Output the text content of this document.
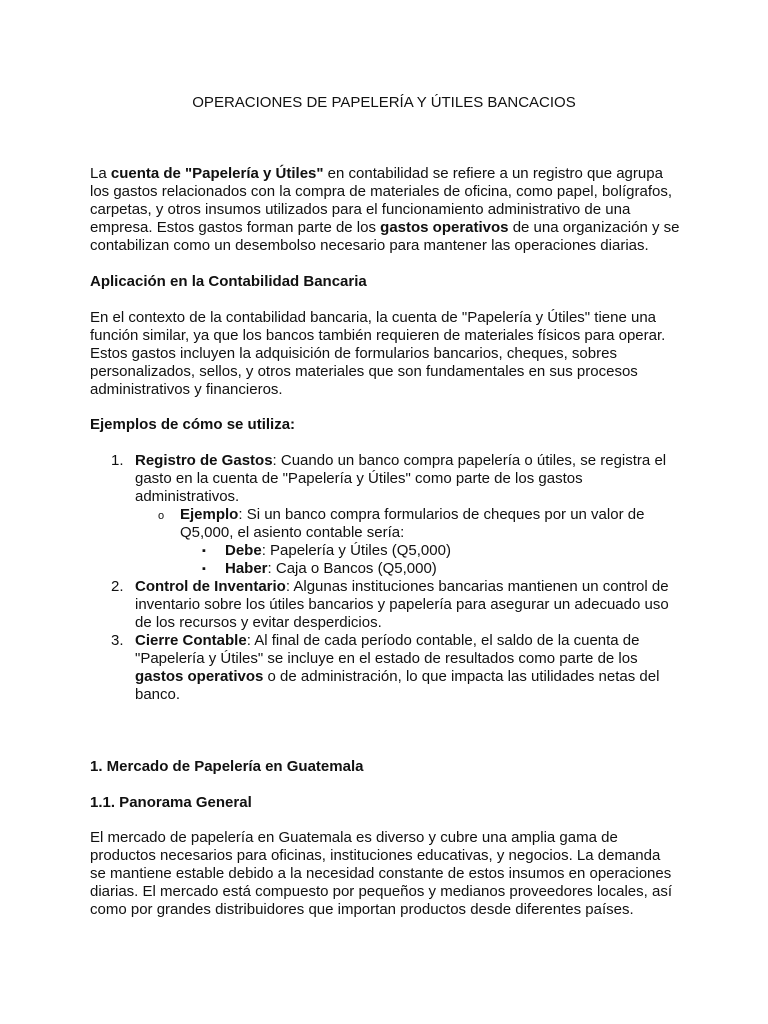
OPERACIONES DE PAPELERÍA Y ÚTILES BANCACIOS

La cuenta de "Papelería y Útiles" en contabilidad se refiere a un registro que agrupa los gastos relacionados con la compra de materiales de oficina, como papel, bolígrafos, carpetas, y otros insumos utilizados para el funcionamiento administrativo de una empresa. Estos gastos forman parte de los gastos operativos de una organización y se contabilizan como un desembolso necesario para mantener las operaciones diarias.

Aplicación en la Contabilidad Bancaria

En el contexto de la contabilidad bancaria, la cuenta de "Papelería y Útiles" tiene una función similar, ya que los bancos también requieren de materiales físicos para operar. Estos gastos incluyen la adquisición de formularios bancarios, cheques, sobres personalizados, sellos, y otros materiales que son fundamentales en sus procesos administrativos y financieros.

Ejemplos de cómo se utiliza:

1. Registro de Gastos: Cuando un banco compra papelería o útiles, se registra el gasto en la cuenta de "Papelería y Útiles" como parte de los gastos administrativos.
o Ejemplo: Si un banco compra formularios de cheques por un valor de Q5,000, el asiento contable sería:
▪ Debe: Papelería y Útiles (Q5,000)
▪ Haber: Caja o Bancos (Q5,000)
2. Control de Inventario: Algunas instituciones bancarias mantienen un control de inventario sobre los útiles bancarios y papelería para asegurar un adecuado uso de los recursos y evitar desperdicios.
3. Cierre Contable: Al final de cada período contable, el saldo de la cuenta de "Papelería y Útiles" se incluye en el estado de resultados como parte de los gastos operativos o de administración, lo que impacta las utilidades netas del banco.

1. Mercado de Papelería en Guatemala

1.1. Panorama General

El mercado de papelería en Guatemala es diverso y cubre una amplia gama de productos necesarios para oficinas, instituciones educativas, y negocios. La demanda se mantiene estable debido a la necesidad constante de estos insumos en operaciones diarias. El mercado está compuesto por pequeños y medianos proveedores locales, así como por grandes distribuidores que importan productos desde diferentes países.
